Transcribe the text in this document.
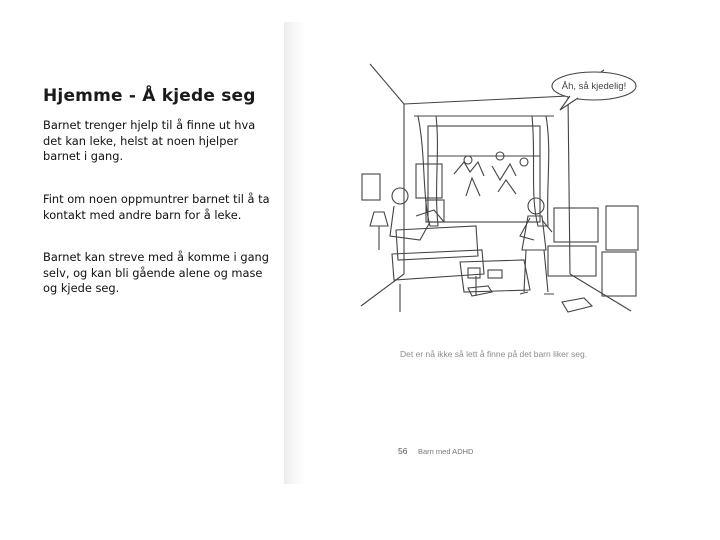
Hjemme - Å kjede seg
Barnet trenger hjelp til å finne ut hva det kan leke, helst at noen hjelper barnet i gang.
Fint om noen oppmuntrer barnet til å ta kontakt med andre barn for å leke.
Barnet kan streve med å komme i gang selv, og kan bli gående alene og mase og kjede seg.
Åh, så kjedelig!
Det er nå ikke så lett å finne på det barn liker seg.
56 Barn med ADHD
